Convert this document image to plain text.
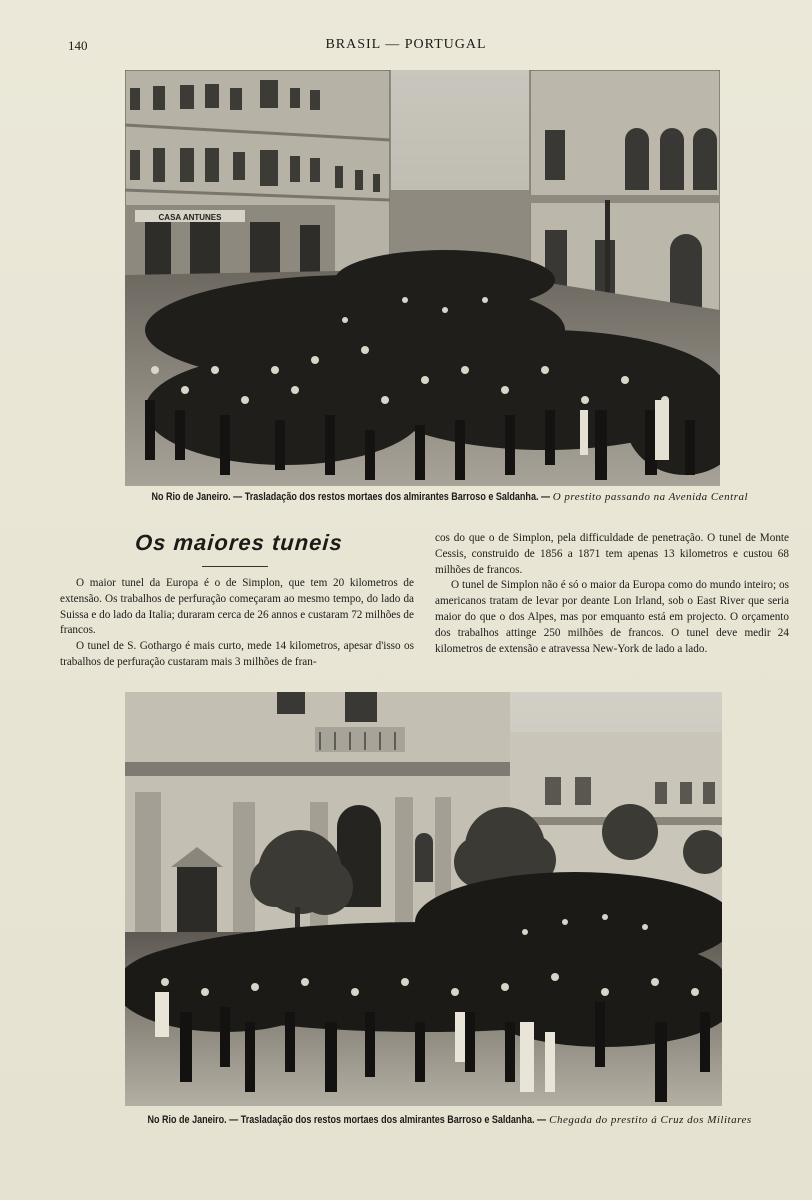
140	BRASIL — PORTUGAL
CASA ANTUNES
No Rio de Janeiro. — Trasladação dos restos mortaes dos almirantes Barroso e Saldanha. — O prestito passando na Avenida Central
Os maiores tuneis

O maior tunel da Europa é o de Simplon, que tem 20 kilometros de extensão. Os trabalhos de perfuração começaram ao mesmo tempo, do lado da Suissa e do lado da Italia; duraram cerca de 26 annos e custaram 72 milhões de francos.

O tunel de S. Gothargo é mais curto, mede 14 kilometros, apesar d'isso os trabalhos de perfuração custaram mais 3 milhões de fran-

cos do que o de Simplon, pela difficuldade de penetração. O tunel de Monte Cessis, construido de 1856 a 1871 tem apenas 13 kilometros e custou 68 milhões de francos.

O tunel de Simplon não é só o maior da Europa como do mundo inteiro; os americanos tratam de levar por deante Lon Irland, sob o East River que seria maior do que o dos Alpes, mas por emquanto está em projecto. O orçamento dos trabalhos attinge 250 milhões de francos. O tunel deve medir 24 kilometros de extensão e atravessa New-York de lado a lado.

No Rio de Janeiro. — Trasladação dos restos mortaes dos almirantes Barroso e Saldanha. — Chegada do prestito á Cruz dos Militares
